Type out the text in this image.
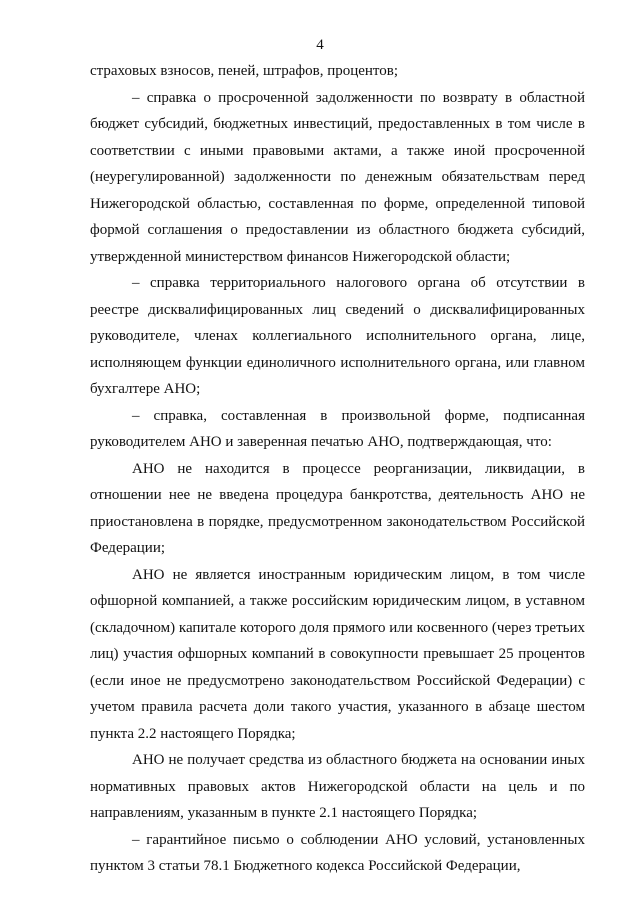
4

страховых взносов, пеней, штрафов, процентов;

– справка о просроченной задолженности по возврату в областной бюджет субсидий, бюджетных инвестиций, предоставленных в том числе в соответствии с иными правовыми актами, а также иной просроченной (неурегулированной) задолженности по денежным обязательствам перед Нижегородской областью, составленная по форме, определенной типовой формой соглашения о предоставлении из областного бюджета субсидий, утвержденной министерством финансов Нижегородской области;

– справка территориального налогового органа об отсутствии в реестре дисквалифицированных лиц сведений о дисквалифицированных руководителе, членах коллегиального исполнительного органа, лице, исполняющем функции единоличного исполнительного органа, или главном бухгалтере АНО;

– справка, составленная в произвольной форме, подписанная руководителем АНО и заверенная печатью АНО, подтверждающая, что:

АНО не находится в процессе реорганизации, ликвидации, в отношении нее не введена процедура банкротства, деятельность АНО не приостановлена в порядке, предусмотренном законодательством Российской Федерации;

АНО не является иностранным юридическим лицом, в том числе офшорной компанией, а также российским юридическим лицом, в уставном (складочном) капитале которого доля прямого или косвенного (через третьих лиц) участия офшорных компаний в совокупности превышает 25 процентов (если иное не предусмотрено законодательством Российской Федерации) с учетом правила расчета доли такого участия, указанного в абзаце шестом пункта 2.2 настоящего Порядка;

АНО не получает средства из областного бюджета на основании иных нормативных правовых актов Нижегородской области на цель и по направлениям, указанным в пункте 2.1 настоящего Порядка;

– гарантийное письмо о соблюдении АНО условий, установленных пунктом 3 статьи 78.1 Бюджетного кодекса Российской Федерации,
